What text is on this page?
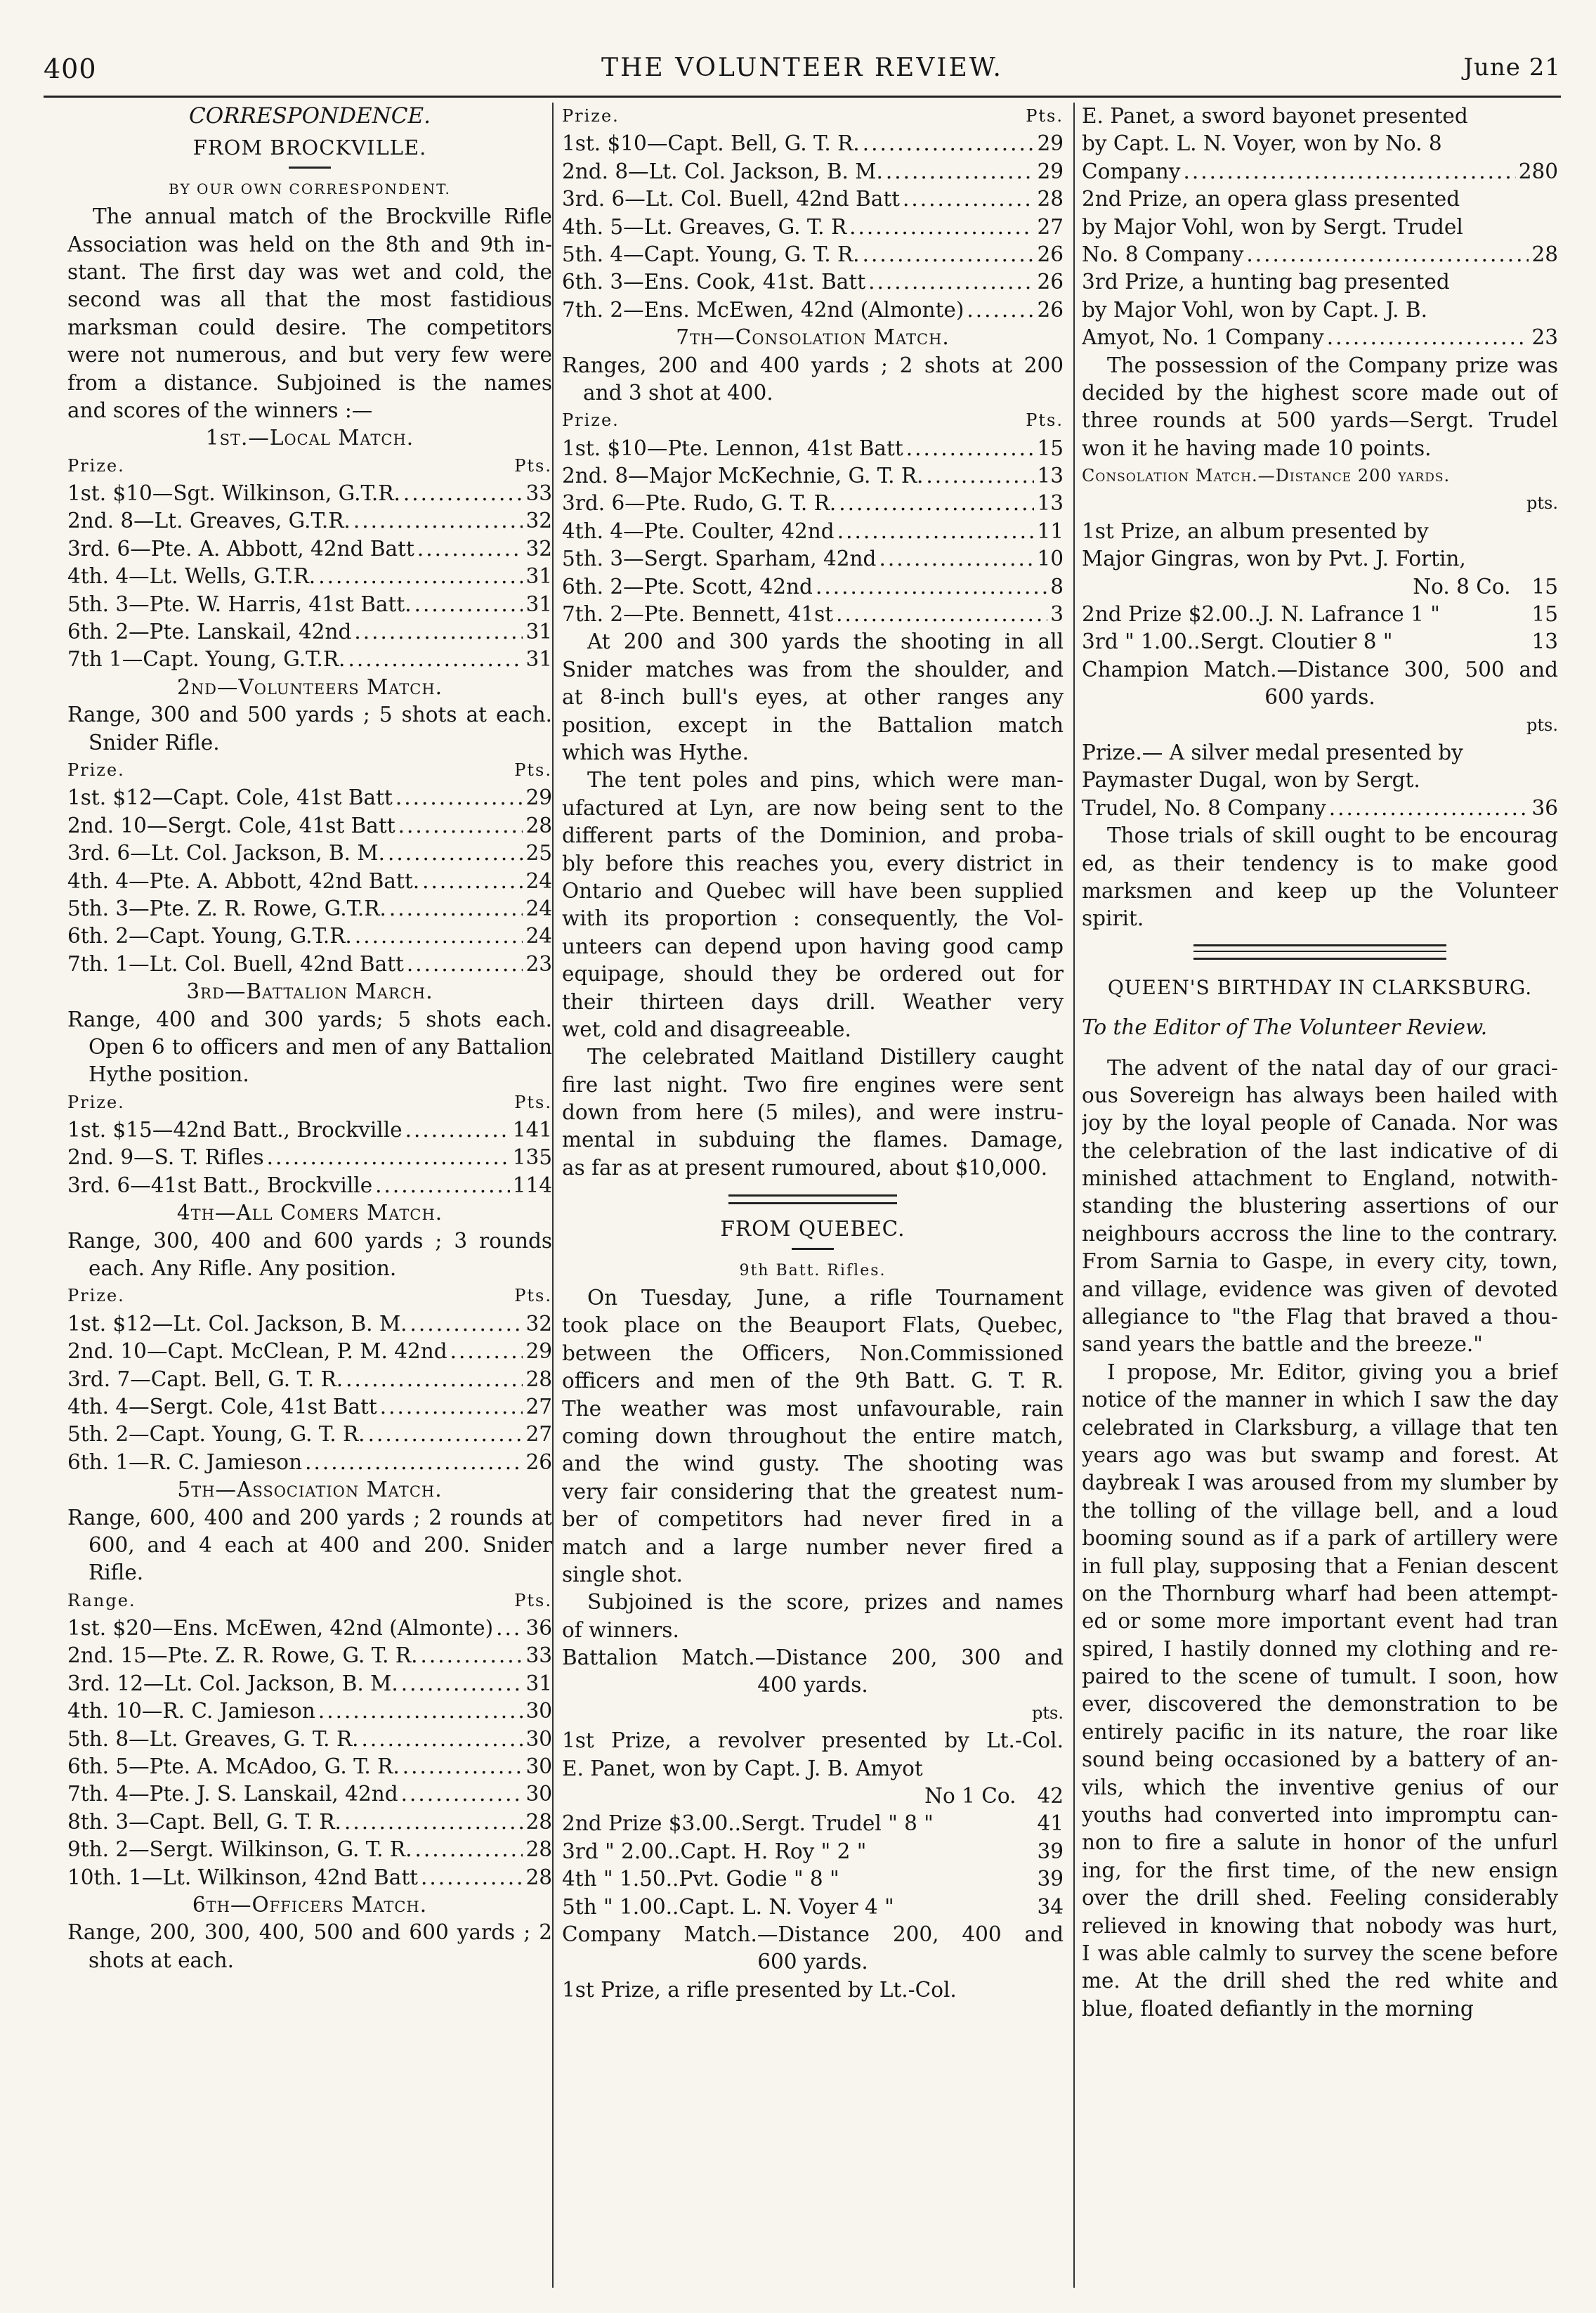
400	THE VOLUNTEER REVIEW.	June 21
CORRESPONDENCE.
FROM BROCKVILLE.
BY OUR OWN CORRESPONDENT.
The annual match of the Brockville Rifle
Association was held on the 8th and 9th in-
stant. The first day was wet and cold, the
second was all that the most fastidious
marksman could desire. The competitors
were not numerous, and but very few were
from a distance. Subjoined is the names
and scores of the winners :—
1st.—Local Match.
Prize.	Pts.
1st. $10—Sgt. Wilkinson, G.T.R. .....	33
2nd. 8—Lt. Greaves, G.T.R. .....	32
3rd. 6—Pte. A. Abbott, 42nd Batt .....	32
4th. 4—Lt. Wells, G.T.R. .....	31
5th. 3—Pte. W. Harris, 41st Batt. .....	31
6th. 2—Pte. Lanskail, 42nd .....	31
7th 1—Capt. Young, G.T.R. .....	31
2nd—Volunteers Match.
Range, 300 and 500 yards ; 5 shots at each.
Snider Rifle.
Prize.	Pts.
1st. $12—Capt. Cole, 41st Batt .....	29
2nd. 10—Sergt. Cole, 41st Batt .....	28
3rd. 6—Lt. Col. Jackson, B. M. .....	25
4th. 4—Pte. A. Abbott, 42nd Batt. .....	24
5th. 3—Pte. Z. R. Rowe, G.T.R. .....	24
6th. 2—Capt. Young, G.T.R. .....	24
7th. 1—Lt. Col. Buell, 42nd Batt .....	23
3rd—Battalion March.
Range, 400 and 300 yards; 5 shots each.
Open 6 to officers and men of any Battalion
Hythe position.
Prize.	Pts.
1st. $15—42nd Batt., Brockville .....	141
2nd. 9—S. T. Rifles .....	135
3rd. 6—41st Batt., Brockville .....	114
4th—All Comers Match.
Range, 300, 400 and 600 yards ; 3 rounds
each. Any Rifle. Any position.
Prize.	Pts.
1st. $12—Lt. Col. Jackson, B. M. .....	32
2nd. 10—Capt. McClean, P. M. 42nd .....	29
3rd. 7—Capt. Bell, G. T. R. .....	28
4th. 4—Sergt. Cole, 41st Batt .....	27
5th. 2—Capt. Young, G. T. R. .....	27
6th. 1—R. C. Jamieson .....	26
5th—Association Match.
Range, 600, 400 and 200 yards ; 2 rounds at
600, and 4 each at 400 and 200. Snider
Rifle.
Range.	Pts.
1st. $20—Ens. McEwen, 42nd (Almonte) ..... 36
2nd. 15—Pte. Z. R. Rowe, G. T. R. .....	33
3rd. 12—Lt. Col. Jackson, B. M. .....	31
4th. 10—R. C. Jamieson .....	30
5th. 8—Lt. Greaves, G. T. R. .....	30
6th. 5—Pte. A. McAdoo, G. T. R. .....	30
7th. 4—Pte. J. S. Lanskail, 42nd .....	30
8th. 3—Capt. Bell, G. T. R. .....	28
9th. 2—Sergt. Wilkinson, G. T. R. .....	28
10th. 1—Lt. Wilkinson, 42nd Batt .....	28
6th—Officers Match.
Range, 200, 300, 400, 500 and 600 yards ; 2
shots at each.
Prize.	Pts.
1st. $10—Capt. Bell, G. T. R. .....	29
2nd. 8—Lt. Col. Jackson, B. M. .....	29
3rd. 6—Lt. Col. Buell, 42nd Batt .....	28
4th. 5—Lt. Greaves, G. T. R .....	27
5th. 4—Capt. Young, G. T. R. .....	26
6th. 3—Ens. Cook, 41st. Batt .....	26
7th. 2—Ens. McEwen, 42nd (Almonte) .....	26
7th—Consolation Match.
Ranges, 200 and 400 yards ; 2 shots at 200
and 3 shot at 400.
Prize.	Pts.
1st. $10—Pte. Lennon, 41st Batt .....	15
2nd. 8—Major McKechnie, G. T. R. .....	13
3rd. 6—Pte. Rudo, G. T. R. .....	13
4th. 4—Pte. Coulter, 42nd .....	11
5th. 3—Sergt. Sparham, 42nd .....	10
6th. 2—Pte. Scott, 42nd .....	8
7th. 2—Pte. Bennett, 41st .....	3
At 200 and 300 yards the shooting in all
Snider matches was from the shoulder, and
at 8-inch bull's eyes, at other ranges any
position, except in the Battalion match
which was Hythe.
The tent poles and pins, which were man-
ufactured at Lyn, are now being sent to the
different parts of the Dominion, and proba-
bly before this reaches you, every district in
Ontario and Quebec will have been supplied
with its proportion : consequently, the Vol-
unteers can depend upon having good camp
equipage, should they be ordered out for
their thirteen days drill. Weather very
wet, cold and disagreeable.
The celebrated Maitland Distillery caught
fire last night. Two fire engines were sent
down from here (5 miles), and were instru-
mental in subduing the flames. Damage,
as far as at present rumoured, about $10,000.
FROM QUEBEC.
9th Batt. Rifles.
On Tuesday, June, a rifle Tournament
took place on the Beauport Flats, Quebec,
between the Officers, Non.Commissioned
officers and men of the 9th Batt. G. T. R.
The weather was most unfavourable, rain
coming down throughout the entire match,
and the wind gusty. The shooting was
very fair considering that the greatest num-
ber of competitors had never fired in a
match and a large number never fired a
single shot.
Subjoined is the score, prizes and names
of winners.
Battalion Match.—Distance 200, 300 and
400 yards.
pts.
1st Prize, a revolver presented by Lt.-Col.
E. Panet, won by Capt. J. B. Amyot
No 1 Co.	42
2nd Prize $3.00..Sergt. Trudel " 8 "	41
3rd " 2.00..Capt. H. Roy " 2 "	39
4th " 1.50..Pvt. Godie " 8 "	39
5th " 1.00..Capt. L. N. Voyer 4 "	34
Company Match.—Distance 200, 400 and
600 yards.
1st Prize, a rifle presented by Lt.-Col.
E. Panet, a sword bayonet presented
by Capt. L. N. Voyer, won by No. 8
Company .....	280
2nd Prize, an opera glass presented
by Major Vohl, won by Sergt. Trudel
No. 8 Company .....	28
3rd Prize, a hunting bag presented
by Major Vohl, won by Capt. J. B.
Amyot, No. 1 Company .....	23
The possession of the Company prize was
decided by the highest score made out of
three rounds at 500 yards—Sergt. Trudel
won it he having made 10 points.
Consolation Match.—Distance 200 yards.
pts.
1st Prize, an album presented by
Major Gingras, won by Pvt. J. Fortin,
No. 8 Co.	15
2nd Prize $2.00..J. N. Lafrance 1 "	15
3rd " 1.00..Sergt. Cloutier 8 "	13
Champion Match.—Distance 300, 500 and
600 yards.
pts.
Prize.— A silver medal presented by
Paymaster Dugal, won by Sergt.
Trudel, No. 8 Company .....	36
Those trials of skill ought to be encourag
ed, as their tendency is to make good
marksmen and keep up the Volunteer
spirit.
QUEEN'S BIRTHDAY IN CLARKSBURG.
To the Editor of The Volunteer Review.
The advent of the natal day of our graci-
ous Sovereign has always been hailed with
joy by the loyal people of Canada. Nor was
the celebration of the last indicative of di
minished attachment to England, notwith-
standing the blustering assertions of our
neighbours accross the line to the contrary.
From Sarnia to Gaspe, in every city, town,
and village, evidence was given of devoted
allegiance to "the Flag that braved a thou-
sand years the battle and the breeze."
I propose, Mr. Editor, giving you a brief
notice of the manner in which I saw the day
celebrated in Clarksburg, a village that ten
years ago was but swamp and forest. At
daybreak I was aroused from my slumber by
the tolling of the village bell, and a loud
booming sound as if a park of artillery were
in full play, supposing that a Fenian descent
on the Thornburg wharf had been attempt-
ed or some more important event had tran
spired, I hastily donned my clothing and re-
paired to the scene of tumult. I soon, how
ever, discovered the demonstration to be
entirely pacific in its nature, the roar like
sound being occasioned by a battery of an-
vils, which the inventive genius of our
youths had converted into impromptu can-
non to fire a salute in honor of the unfurl
ing, for the first time, of the new ensign
over the drill shed. Feeling considerably
relieved in knowing that nobody was hurt,
I was able calmly to survey the scene before
me. At the drill shed the red white and
blue, floated defiantly in the morning
